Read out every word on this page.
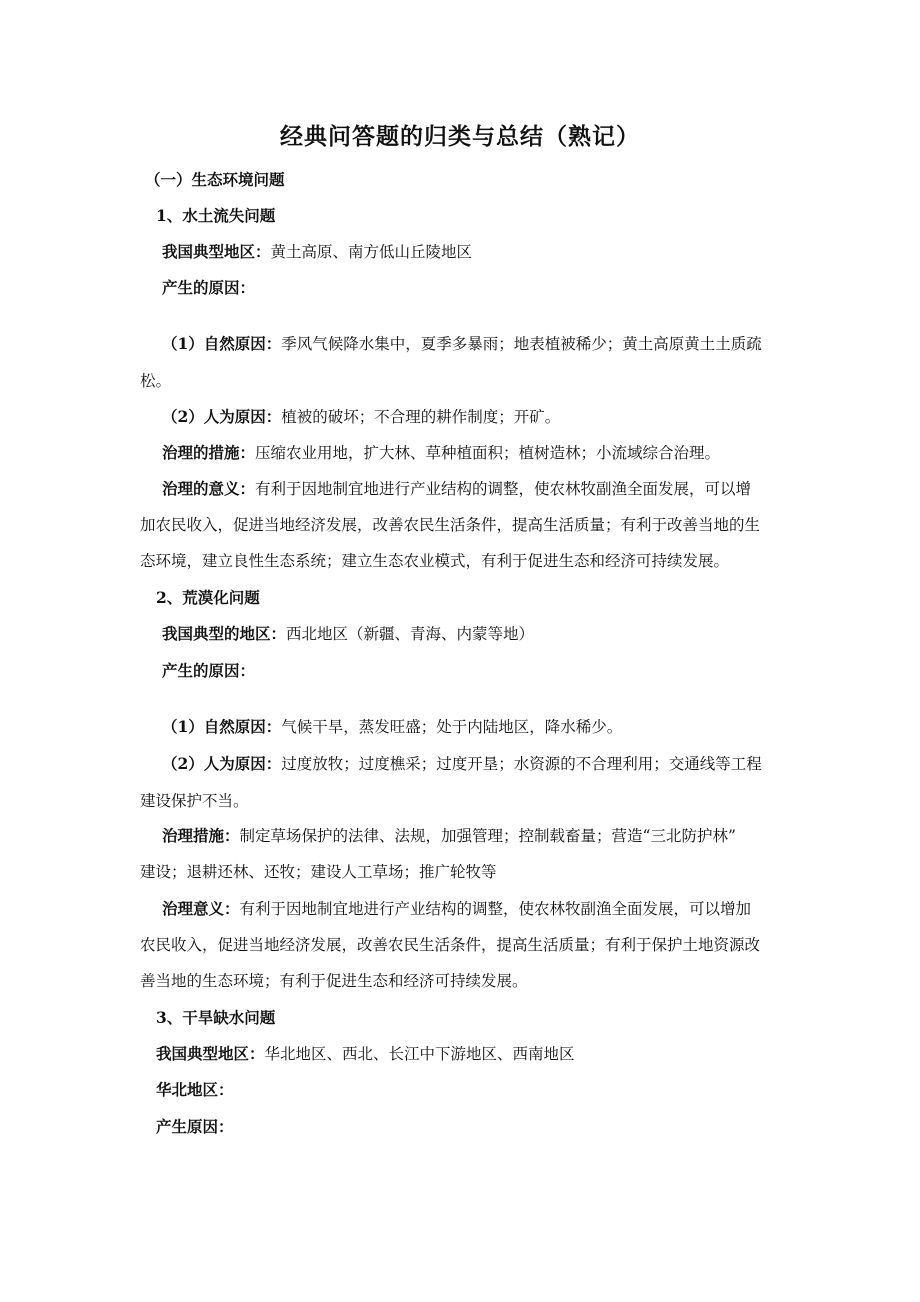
经典问答题的归类与总结（熟记）
（一）生态环境问题
1、水土流失问题
我国典型地区：黄土高原、南方低山丘陵地区
产生的原因：
（1）自然原因：季风气候降水集中，夏季多暴雨；地表植被稀少；黄土高原黄土土质疏
松。
（2）人为原因：植被的破坏；不合理的耕作制度；开矿。
治理的措施：压缩农业用地，扩大林、草种植面积；植树造林；小流域综合治理。
治理的意义：有利于因地制宜地进行产业结构的调整，使农林牧副渔全面发展，可以增
加农民收入，促进当地经济发展，改善农民生活条件，提高生活质量；有利于改善当地的生
态环境，建立良性生态系统；建立生态农业模式，有利于促进生态和经济可持续发展。
2、荒漠化问题
我国典型的地区：西北地区（新疆、青海、内蒙等地）
产生的原因：
（1）自然原因：气候干旱，蒸发旺盛；处于内陆地区，降水稀少。
（2）人为原因：过度放牧；过度樵采；过度开垦；水资源的不合理利用；交通线等工程
建设保护不当。
治理措施：制定草场保护的法律、法规，加强管理；控制载畜量；营造“三北防护林”
建设；退耕还林、还牧；建设人工草场；推广轮牧等
治理意义：有利于因地制宜地进行产业结构的调整，使农林牧副渔全面发展，可以增加
农民收入，促进当地经济发展，改善农民生活条件，提高生活质量；有利于保护土地资源改
善当地的生态环境；有利于促进生态和经济可持续发展。
3、干旱缺水问题
我国典型地区：华北地区、西北、长江中下游地区、西南地区
华北地区：
产生原因：
